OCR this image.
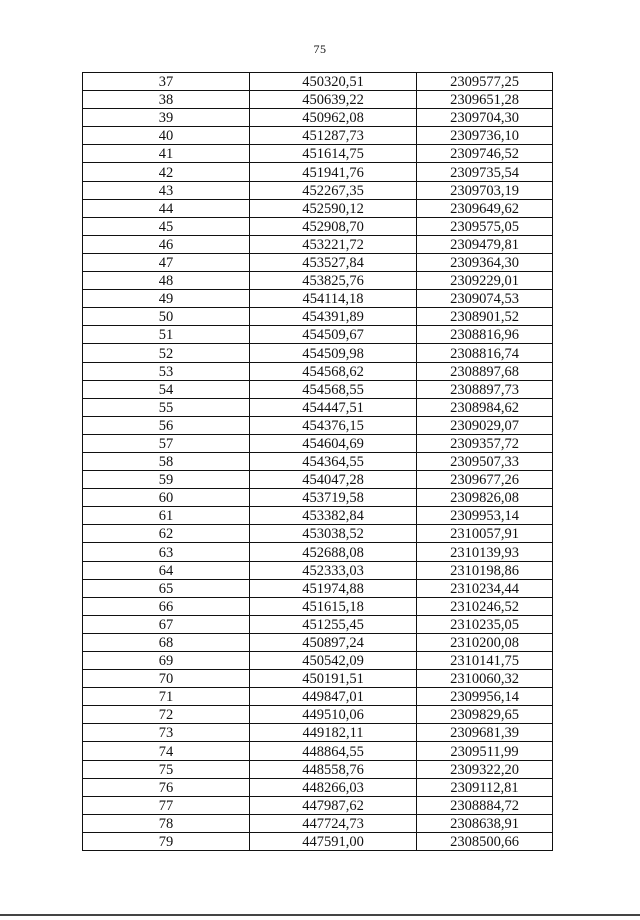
75
37	450320,51	2309577,25
38	450639,22	2309651,28
39	450962,08	2309704,30
40	451287,73	2309736,10
41	451614,75	2309746,52
42	451941,76	2309735,54
43	452267,35	2309703,19
44	452590,12	2309649,62
45	452908,70	2309575,05
46	453221,72	2309479,81
47	453527,84	2309364,30
48	453825,76	2309229,01
49	454114,18	2309074,53
50	454391,89	2308901,52
51	454509,67	2308816,96
52	454509,98	2308816,74
53	454568,62	2308897,68
54	454568,55	2308897,73
55	454447,51	2308984,62
56	454376,15	2309029,07
57	454604,69	2309357,72
58	454364,55	2309507,33
59	454047,28	2309677,26
60	453719,58	2309826,08
61	453382,84	2309953,14
62	453038,52	2310057,91
63	452688,08	2310139,93
64	452333,03	2310198,86
65	451974,88	2310234,44
66	451615,18	2310246,52
67	451255,45	2310235,05
68	450897,24	2310200,08
69	450542,09	2310141,75
70	450191,51	2310060,32
71	449847,01	2309956,14
72	449510,06	2309829,65
73	449182,11	2309681,39
74	448864,55	2309511,99
75	448558,76	2309322,20
76	448266,03	2309112,81
77	447987,62	2308884,72
78	447724,73	2308638,91
79	447591,00	2308500,66
